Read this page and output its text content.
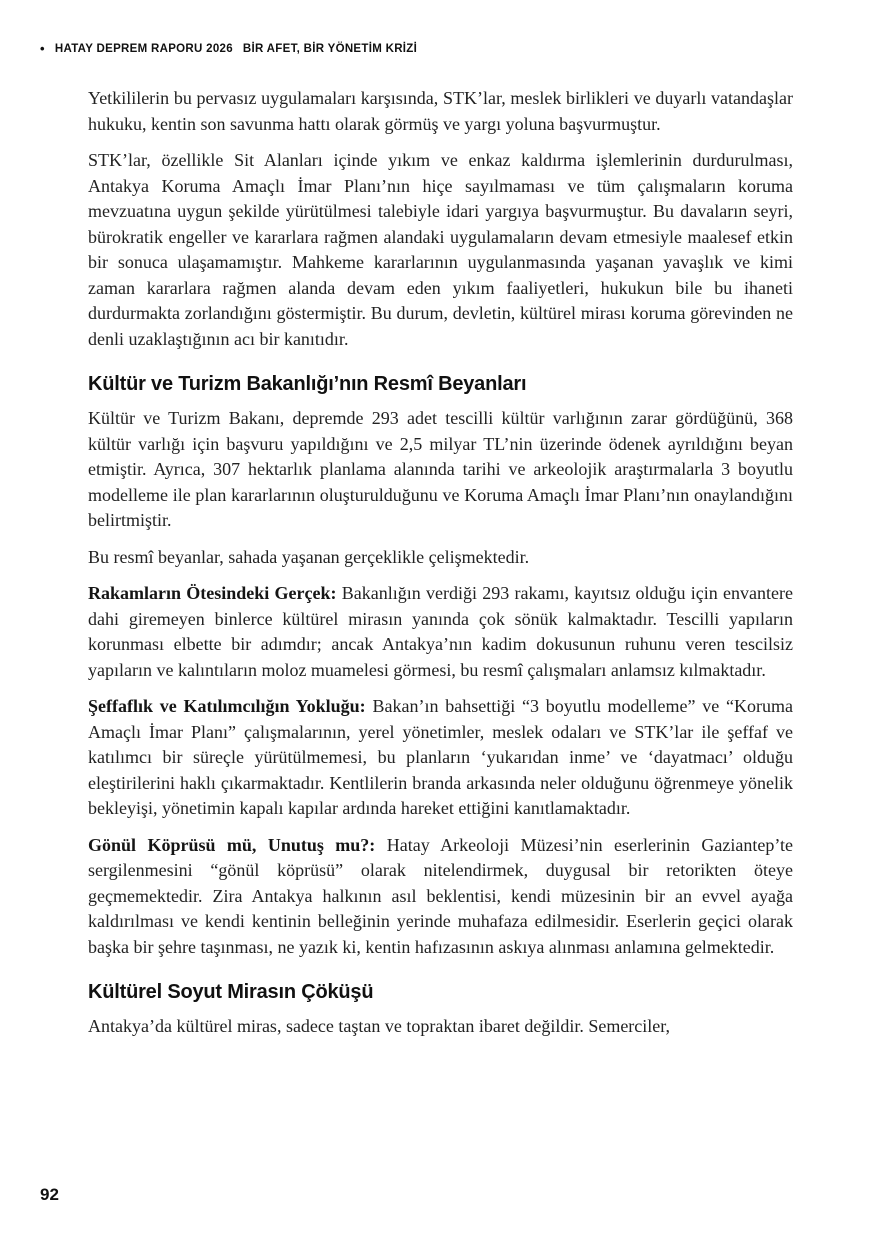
• HATAY DEPREM RAPORU 2026 BİR AFET, BİR YÖNETİM KRİZİ

Yetkililerin bu pervasız uygulamaları karşısında, STK’lar, meslek birlikleri ve duyarlı vatandaşlar hukuku, kentin son savunma hattı olarak görmüş ve yargı yoluna başvurmuştur.

STK’lar, özellikle Sit Alanları içinde yıkım ve enkaz kaldırma işlemlerinin durdurulması, Antakya Koruma Amaçlı İmar Planı’nın hiçe sayılmaması ve tüm çalışmaların koruma mevzuatına uygun şekilde yürütülmesi talebiyle idari yargıya başvurmuştur. Bu davaların seyri, bürokratik engeller ve kararlara rağmen alandaki uygulamaların devam etmesiyle maalesef etkin bir sonuca ulaşamamıştır. Mahkeme kararlarının uygulanmasında yaşanan yavaşlık ve kimi zaman kararlara rağmen alanda devam eden yıkım faaliyetleri, hukukun bile bu ihaneti durdurmakta zorlandığını göstermiştir. Bu durum, devletin, kültürel mirası koruma görevinden ne denli uzaklaştığının acı bir kanıtıdır.

Kültür ve Turizm Bakanlığı’nın Resmî Beyanları

Kültür ve Turizm Bakanı, depremde 293 adet tescilli kültür varlığının zarar gördüğünü, 368 kültür varlığı için başvuru yapıldığını ve 2,5 milyar TL’nin üzerinde ödenek ayrıldığını beyan etmiştir. Ayrıca, 307 hektarlık planlama alanında tarihi ve arkeolojik araştırmalarla 3 boyutlu modelleme ile plan kararlarının oluşturulduğunu ve Koruma Amaçlı İmar Planı’nın onaylandığını belirtmiştir.

Bu resmî beyanlar, sahada yaşanan gerçeklikle çelişmektedir.

Rakamların Ötesindeki Gerçek: Bakanlığın verdiği 293 rakamı, kayıtsız olduğu için envantere dahi giremeyen binlerce kültürel mirasın yanında çok sönük kalmaktadır. Tescilli yapıların korunması elbette bir adımdır; ancak Antakya’nın kadim dokusunun ruhunu veren tescilsiz yapıların ve kalıntıların moloz muamelesi görmesi, bu resmî çalışmaları anlamsız kılmaktadır.

Şeffaflık ve Katılımcılığın Yokluğu: Bakan’ın bahsettiği “3 boyutlu modelleme” ve “Koruma Amaçlı İmar Planı” çalışmalarının, yerel yönetimler, meslek odaları ve STK’lar ile şeffaf ve katılımcı bir süreçle yürütülmemesi, bu planların ‘yukarıdan inme’ ve ‘dayatmacı’ olduğu eleştirilerini haklı çıkarmaktadır. Kentlilerin branda arkasında neler olduğunu öğrenmeye yönelik bekleyişi, yönetimin kapalı kapılar ardında hareket ettiğini kanıtlamaktadır.

Gönül Köprüsü mü, Unutuş mu?: Hatay Arkeoloji Müzesi’nin eserlerinin Gaziantep’te sergilenmesini “gönül köprüsü” olarak nitelendirmek, duygusal bir retorikten öteye geçmemektedir. Zira Antakya halkının asıl beklentisi, kendi müzesinin bir an evvel ayağa kaldırılması ve kendi kentinin belleğinin yerinde muhafaza edilmesidir. Eserlerin geçici olarak başka bir şehre taşınması, ne yazık ki, kentin hafızasının askıya alınması anlamına gelmektedir.

Kültürel Soyut Mirasın Çöküşü

Antakya’da kültürel miras, sadece taştan ve topraktan ibaret değildir. Semerciler,

92
